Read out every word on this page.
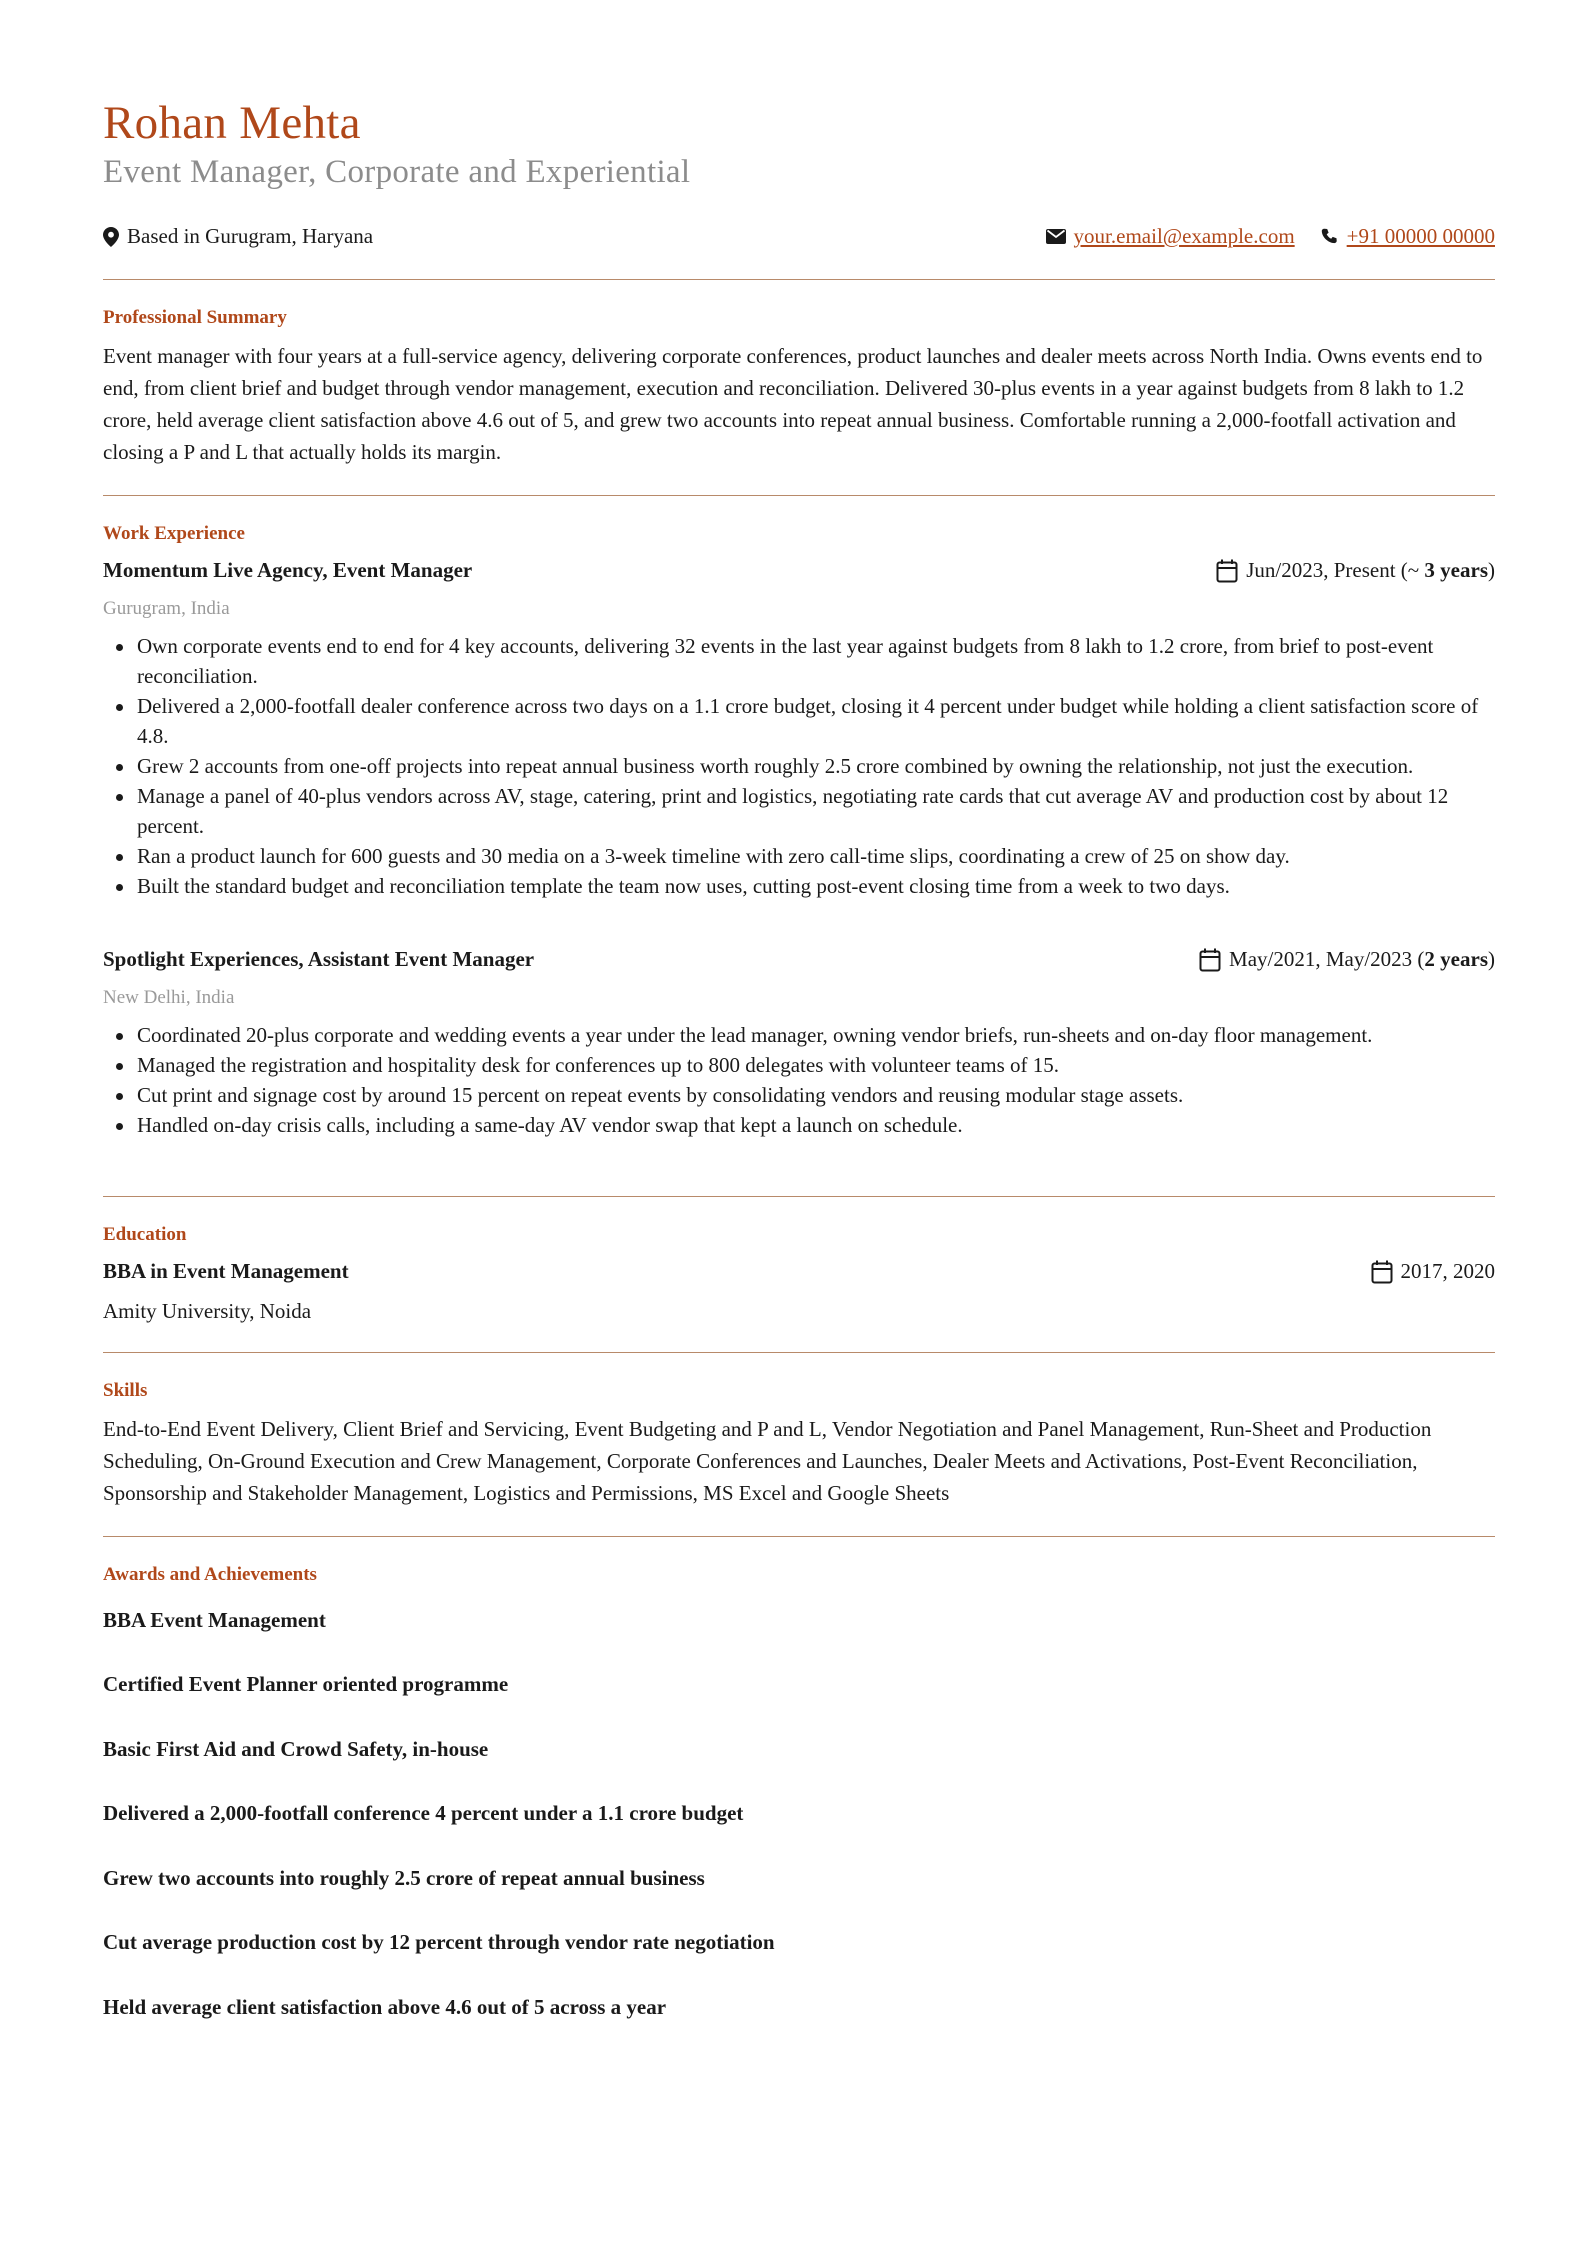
Rohan Mehta
Event Manager, Corporate and Experiential
Based in Gurugram, Haryana	your.email@example.com +91 00000 00000
Professional Summary
Event manager with four years at a full-service agency, delivering corporate conferences, product launches and dealer meets across North India. Owns events end to end, from client brief and budget through vendor management, execution and reconciliation. Delivered 30-plus events in a year against budgets from 8 lakh to 1.2 crore, held average client satisfaction above 4.6 out of 5, and grew two accounts into repeat annual business. Comfortable running a 2,000-footfall activation and closing a P and L that actually holds its margin.
Work Experience
Momentum Live Agency, Event Manager	Jun/2023, Present (~ 3 years)
Gurugram, India
Own corporate events end to end for 4 key accounts, delivering 32 events in the last year against budgets from 8 lakh to 1.2 crore, from brief to post-event reconciliation.
Delivered a 2,000-footfall dealer conference across two days on a 1.1 crore budget, closing it 4 percent under budget while holding a client satisfaction score of 4.8.
Grew 2 accounts from one-off projects into repeat annual business worth roughly 2.5 crore combined by owning the relationship, not just the execution.
Manage a panel of 40-plus vendors across AV, stage, catering, print and logistics, negotiating rate cards that cut average AV and production cost by about 12 percent.
Ran a product launch for 600 guests and 30 media on a 3-week timeline with zero call-time slips, coordinating a crew of 25 on show day.
Built the standard budget and reconciliation template the team now uses, cutting post-event closing time from a week to two days.
Spotlight Experiences, Assistant Event Manager	May/2021, May/2023 (2 years)
New Delhi, India
Coordinated 20-plus corporate and wedding events a year under the lead manager, owning vendor briefs, run-sheets and on-day floor management.
Managed the registration and hospitality desk for conferences up to 800 delegates with volunteer teams of 15.
Cut print and signage cost by around 15 percent on repeat events by consolidating vendors and reusing modular stage assets.
Handled on-day crisis calls, including a same-day AV vendor swap that kept a launch on schedule.
Education
BBA in Event Management	2017, 2020
Amity University, Noida
Skills
End-to-End Event Delivery, Client Brief and Servicing, Event Budgeting and P and L, Vendor Negotiation and Panel Management, Run-Sheet and Production Scheduling, On-Ground Execution and Crew Management, Corporate Conferences and Launches, Dealer Meets and Activations, Post-Event Reconciliation, Sponsorship and Stakeholder Management, Logistics and Permissions, MS Excel and Google Sheets
Awards and Achievements
BBA Event Management
Certified Event Planner oriented programme
Basic First Aid and Crowd Safety, in-house
Delivered a 2,000-footfall conference 4 percent under a 1.1 crore budget
Grew two accounts into roughly 2.5 crore of repeat annual business
Cut average production cost by 12 percent through vendor rate negotiation
Held average client satisfaction above 4.6 out of 5 across a year
